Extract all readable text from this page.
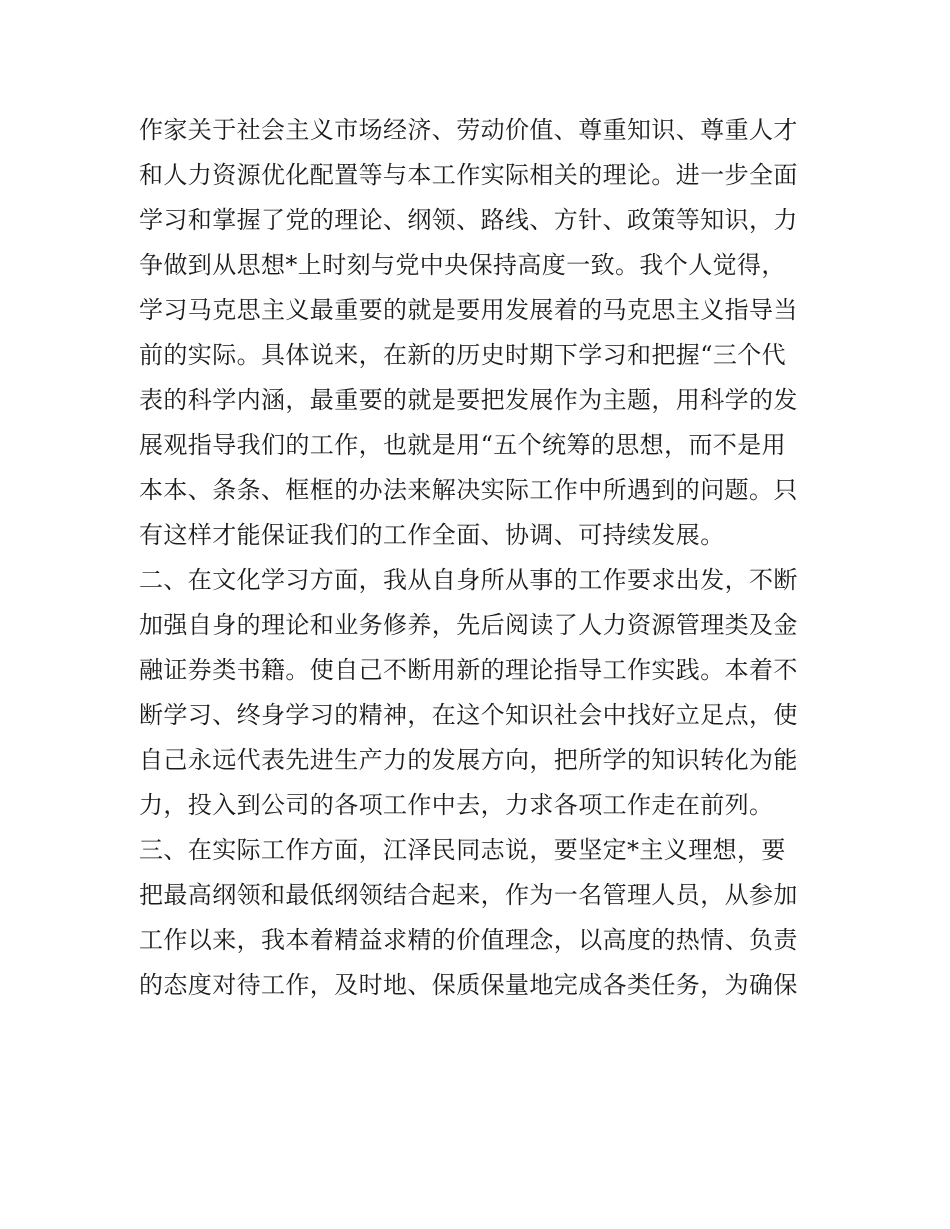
作家关于社会主义市场经济、劳动价值、尊重知识、尊重人才
和人力资源优化配置等与本工作实际相关的理论。进一步全面
学习和掌握了党的理论、纲领、路线、方针、政策等知识，力
争做到从思想*上时刻与党中央保持高度一致。我个人觉得，
学习马克思主义最重要的就是要用发展着的马克思主义指导当
前的实际。具体说来，在新的历史时期下学习和把握“三个代
表的科学内涵，最重要的就是要把发展作为主题，用科学的发
展观指导我们的工作，也就是用“五个统筹的思想，而不是用
本本、条条、框框的办法来解决实际工作中所遇到的问题。只
有这样才能保证我们的工作全面、协调、可持续发展。
二、在文化学习方面，我从自身所从事的工作要求出发，不断
加强自身的理论和业务修养，先后阅读了人力资源管理类及金
融证券类书籍。使自己不断用新的理论指导工作实践。本着不
断学习、终身学习的精神，在这个知识社会中找好立足点，使
自己永远代表先进生产力的发展方向，把所学的知识转化为能
力，投入到公司的各项工作中去，力求各项工作走在前列。
三、在实际工作方面，江泽民同志说，要坚定*主义理想，要
把最高纲领和最低纲领结合起来，作为一名管理人员，从参加
工作以来，我本着精益求精的价值理念，以高度的热情、负责
的态度对待工作，及时地、保质保量地完成各类任务，为确保
